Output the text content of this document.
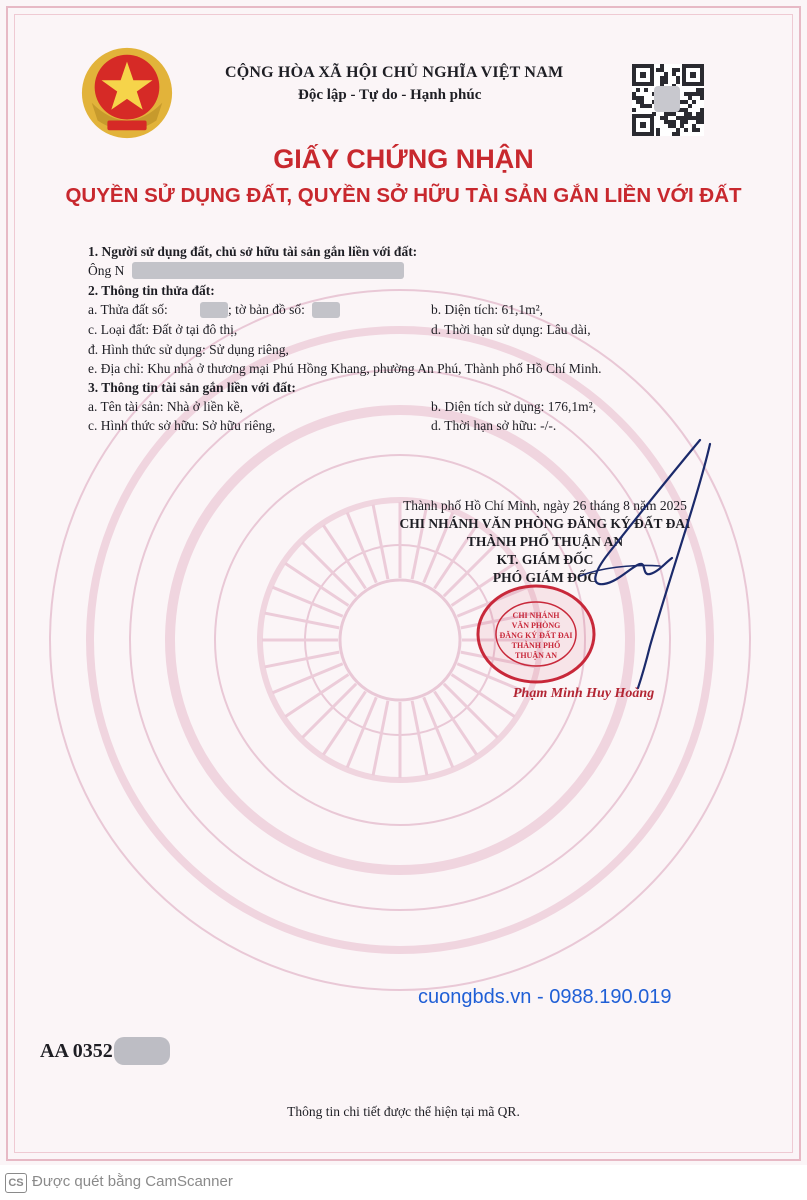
CỘNG HÒA XÃ HỘI CHỦ NGHĨA VIỆT NAM
Độc lập - Tự do - Hạnh phúc
GIẤY CHỨNG NHẬN
QUYỀN SỬ DỤNG ĐẤT, QUYỀN SỞ HỮU TÀI SẢN GẮN LIỀN VỚI ĐẤT
1. Người sử dụng đất, chủ sở hữu tài sản gắn liền với đất:
Ông N
2. Thông tin thửa đất:
a. Thửa đất số:	; tờ bản đồ số:	b. Diện tích: 61,1m²,
c. Loại đất: Đất ở tại đô thị,	d. Thời hạn sử dụng: Lâu dài,
đ. Hình thức sử dụng: Sử dụng riêng,
e. Địa chỉ: Khu nhà ở thương mại Phú Hồng Khang, phường An Phú, Thành phố Hồ Chí Minh.
3. Thông tin tài sản gắn liền với đất:
a. Tên tài sản: Nhà ở liền kề,	b. Diện tích sử dụng: 176,1m²,
c. Hình thức sở hữu: Sở hữu riêng,	d. Thời hạn sở hữu: -/-.
Thành phố Hồ Chí Minh, ngày 26 tháng 8 năm 2025
CHI NHÁNH VĂN PHÒNG ĐĂNG KÝ ĐẤT ĐAI
THÀNH PHỐ THUẬN AN
KT. GIÁM ĐỐC
PHÓ GIÁM ĐỐC
CHI NHÁNH
VĂN PHÒNG
ĐĂNG KÝ ĐẤT ĐAI
THÀNH PHỐ
THUẬN AN
Phạm Minh Huy Hoàng
cuongbds.vn - 0988.190.019
AA 0352
Thông tin chi tiết được thể hiện tại mã QR.
CS Được quét bằng CamScanner
